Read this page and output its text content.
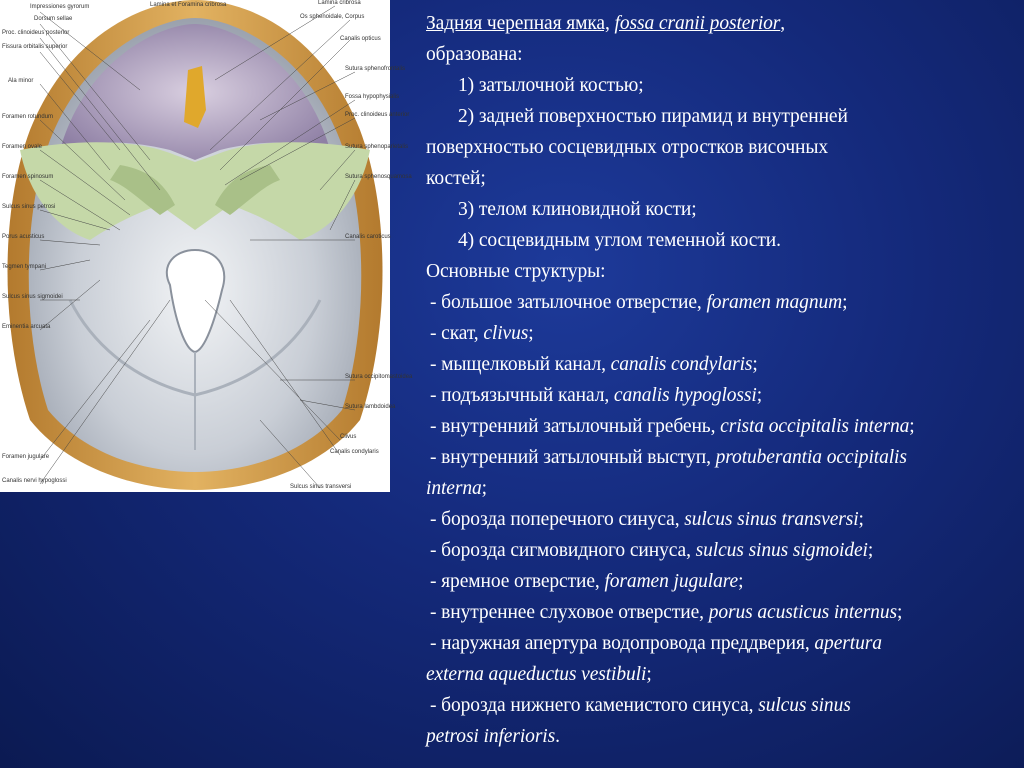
Impressiones gyrorum
Dorsum sellae
Proc. clinoideus posterior
Fissura orbitalis superior
Ala minor
Foramen rotundum
Foramen ovale
Foramen spinosum
Sulcus sinus petrosi
Porus acusticus
Tegmen tympani
Sulcus sinus sigmoidei
Eminentia arcuata
Foramen jugulare
Canalis nervi hypoglossi
Lamina et Foramina cribrosa	Lamina cribrosa
Os sphenoidale, Corpus
Canalis opticus
Sutura sphenofrontalis
Fossa hypophysialis
Proc. clinoideus anterior
Sutura sphenoparietalis
Sutura sphenosquamosa
Canalis caroticus
Sutura occipitomastoidea
Sutura lambdoidea
Clivus
Canalis condylaris
Sulcus sinus transversi

Задняя черепная ямка, fossa cranii posterior,

образована:

1) затылочной костью;

2) задней поверхностью пирамид и внутренней

поверхностью сосцевидных отростков височных

костей;

3) телом клиновидной кости;

4) сосцевидным углом теменной кости.

Основные структуры:

- большое затылочное отверстие, foramen magnum;

- скат, clivus;

- мыщелковый канал, canalis condylaris;

- подъязычный канал, canalis hypoglossi;

- внутренний затылочный гребень, crista occipitalis interna;

- внутренний затылочный выступ, protuberantia occipitalis

interna;

- борозда поперечного синуса, sulcus sinus transversi;

- борозда сигмовидного синуса, sulcus sinus sigmoidei;

- яремное отверстие, foramen jugulare;

- внутреннее слуховое отверстие, porus acusticus internus;

- наружная апертура водопровода преддверия, apertura

externa aqueductus vestibuli;

- борозда нижнего каменистого синуса, sulcus sinus

petrosi inferioris.
